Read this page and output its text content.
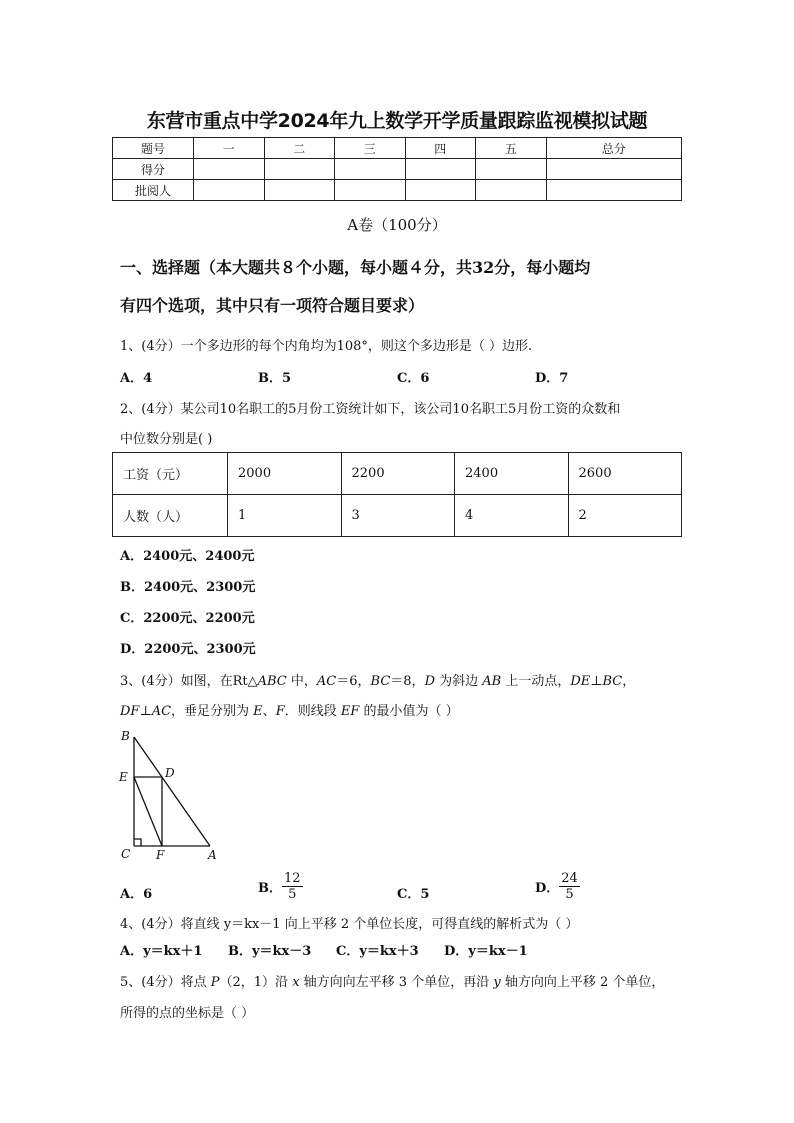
东营市重点中学2024年九上数学开学质量跟踪监视模拟试题
题号	一	二	三	四	五	总分
得分						
批阅人						
A卷（100分）
一、选择题（本大题共８个小题，每小题４分，共32分，每小题均
有四个选项，其中只有一项符合题目要求）
1、(4分）一个多边形的每个内角均为108°，则这个多边形是（ ）边形.
A．4	B．5	C．6	D．7
2、(4分）某公司10名职工的5月份工资统计如下，该公司10名职工5月份工资的众数和
中位数分别是( )
工资（元）	2000	2200	2400	2600
人数（人）	1	3	4	2
A．2400元、2400元
B．2400元、2300元
C．2200元、2200元
D．2200元、2300元
3、(4分）如图，在Rt△ABC 中，AC＝6，BC＝8，D 为斜边 AB 上一动点，DE⊥BC，
DF⊥AC，垂足分别为 E、F．则线段 EF 的最小值为（ ）
B
E	D
C F	A
A．6	B． $\frac{12}{5}$	C．5	D． $\frac{24}{5}$
4、(4分）将直线 y＝kx－1 向上平移 2 个单位长度，可得直线的解析式为（ ）
A．y＝kx＋1 B．y＝kx－3 C．y＝kx＋3 D．y＝kx－1
5、(4分）将点 P（2，1）沿 x 轴方向向左平移 3 个单位，再沿 y 轴方向向上平移 2 个单位，
所得的点的坐标是（ ）
